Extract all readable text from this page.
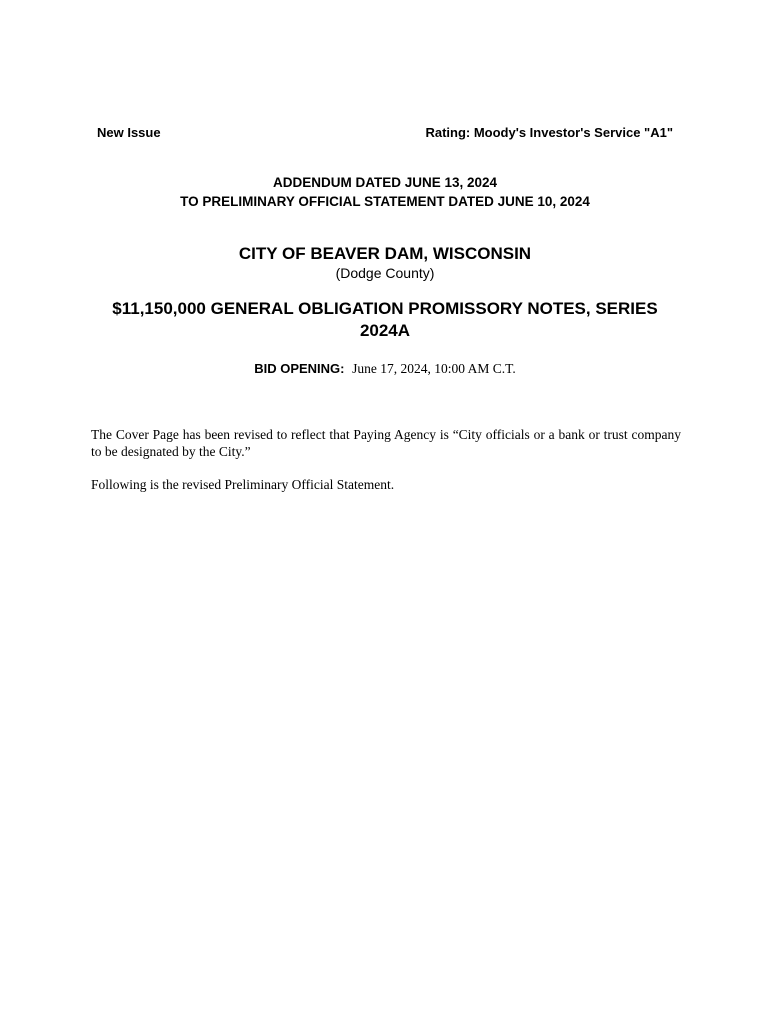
New Issue	Rating: Moody's Investor's Service "A1"
ADDENDUM DATED JUNE 13, 2024
TO PRELIMINARY OFFICIAL STATEMENT DATED JUNE 10, 2024
CITY OF BEAVER DAM, WISCONSIN
(Dodge County)
$11,150,000 GENERAL OBLIGATION PROMISSORY NOTES, SERIES
2024A
BID OPENING: June 17, 2024, 10:00 AM C.T.
The Cover Page has been revised to reflect that Paying Agency is “City officials or a bank or trust company to be designated by the City.”
Following is the revised Preliminary Official Statement.
